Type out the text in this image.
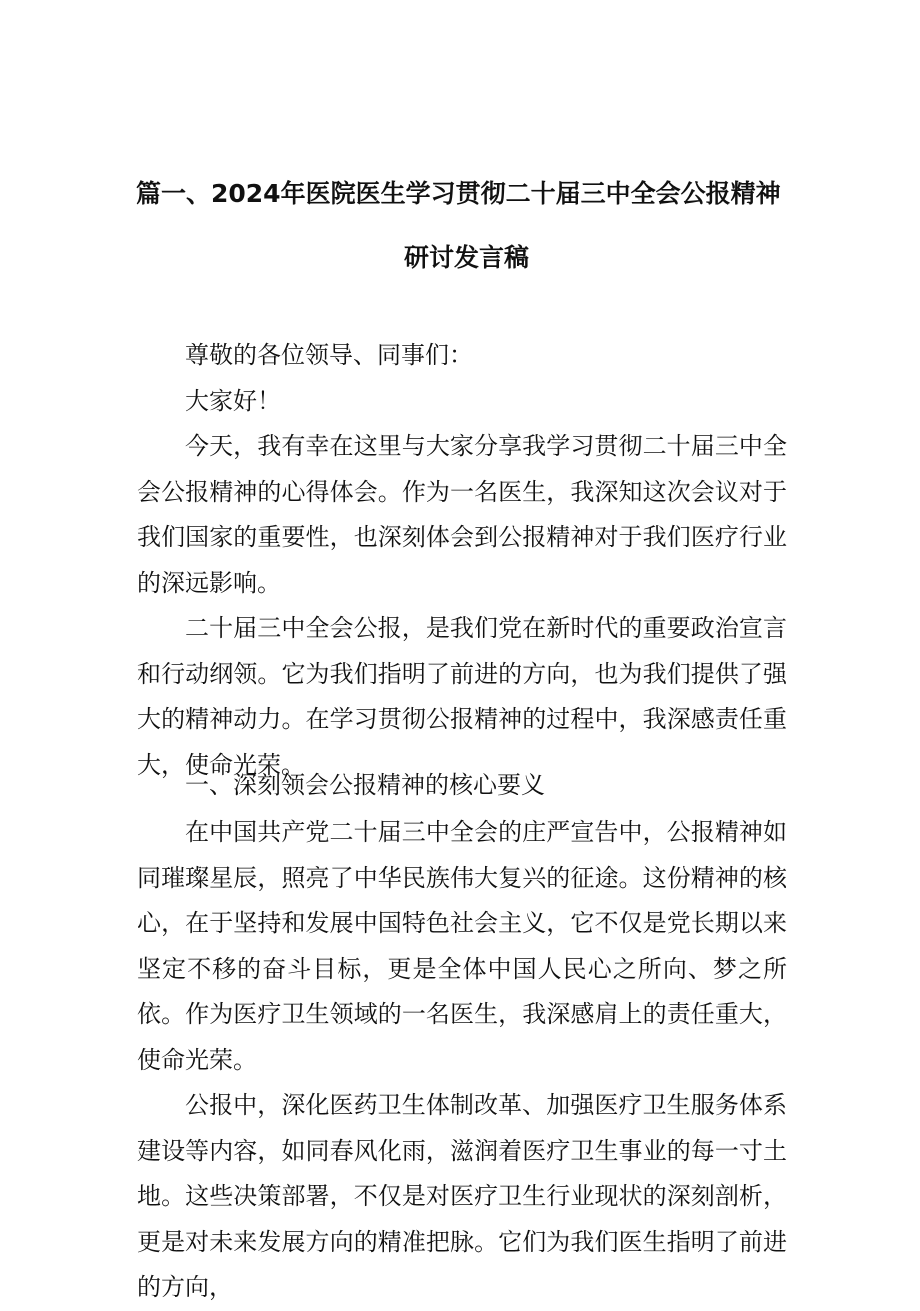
篇一、2024年医院医生学习贯彻二十届三中全会公报精神
研讨发言稿

尊敬的各位领导、同事们：

大家好！

今天，我有幸在这里与大家分享我学习贯彻二十届三中全会公报精神的心得体会。作为一名医生，我深知这次会议对于我们国家的重要性，也深刻体会到公报精神对于我们医疗行业的深远影响。

二十届三中全会公报，是我们党在新时代的重要政治宣言和行动纲领。它为我们指明了前进的方向，也为我们提供了强大的精神动力。在学习贯彻公报精神的过程中，我深感责任重大，使命光荣。

一、深刻领会公报精神的核心要义

在中国共产党二十届三中全会的庄严宣告中，公报精神如同璀璨星辰，照亮了中华民族伟大复兴的征途。这份精神的核心，在于坚持和发展中国特色社会主义，它不仅是党长期以来坚定不移的奋斗目标，更是全体中国人民心之所向、梦之所依。作为医疗卫生领域的一名医生，我深感肩上的责任重大，使命光荣。

公报中，深化医药卫生体制改革、加强医疗卫生服务体系建设等内容，如同春风化雨，滋润着医疗卫生事业的每一寸土地。这些决策部署，不仅是对医疗卫生行业现状的深刻剖析，更是对未来发展方向的精准把脉。它们为我们医生指明了前进的方向，
